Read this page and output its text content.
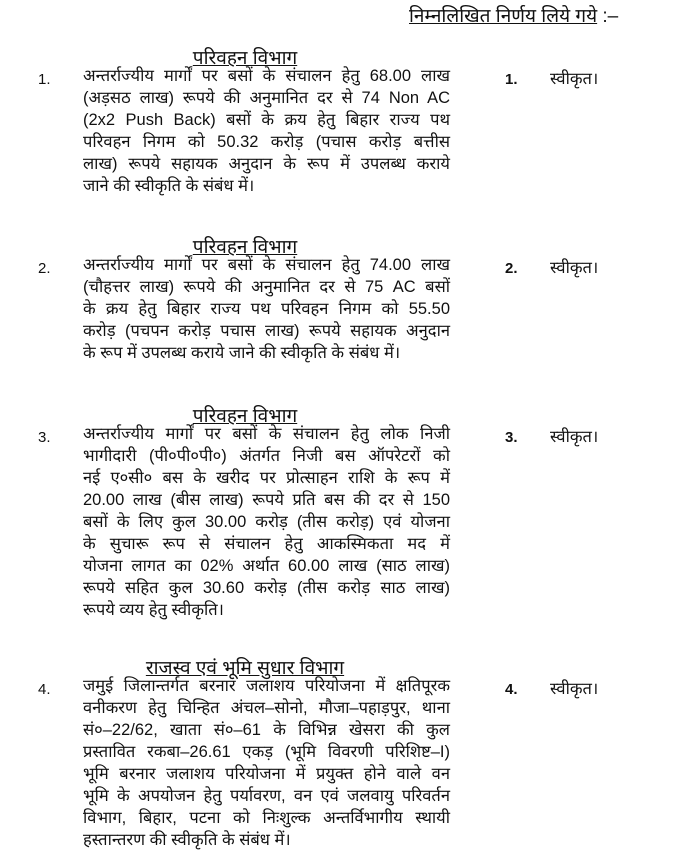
निम्नलिखित निर्णय लिये गये :–
परिवहन विभाग
1. अन्तर्राज्यीय मार्गों पर बसों के संचालन हेतु 68.00 लाख
(अड़सठ लाख) रूपये की अनुमानित दर से 74 Non AC
(2x2 Push Back) बसों के क्रय हेतु बिहार राज्य पथ
परिवहन निगम को 50.32 करोड़ (पचास करोड़ बत्तीस
लाख) रूपये सहायक अनुदान के रूप में उपलब्ध कराये
जाने की स्वीकृति के संबंध में।
1. स्वीकृत।
परिवहन विभाग
2. अन्तर्राज्यीय मार्गों पर बसों के संचालन हेतु 74.00 लाख
(चौहत्तर लाख) रूपये की अनुमानित दर से 75 AC बसों
के क्रय हेतु बिहार राज्य पथ परिवहन निगम को 55.50
करोड़ (पचपन करोड़ पचास लाख) रूपये सहायक अनुदान
के रूप में उपलब्ध कराये जाने की स्वीकृति के संबंध में।
2. स्वीकृत।
परिवहन विभाग
3. अन्तर्राज्यीय मार्गों पर बसों के संचालन हेतु लोक निजी
भागीदारी (पी०पी०पी०) अंतर्गत निजी बस ऑपरेटरों को
नई ए०सी० बस के खरीद पर प्रोत्साहन राशि के रूप में
20.00 लाख (बीस लाख) रूपये प्रति बस की दर से 150
बसों के लिए कुल 30.00 करोड़ (तीस करोड़) एवं योजना
के सुचारू रूप से संचालन हेतु आकस्मिकता मद में
योजना लागत का 02% अर्थात 60.00 लाख (साठ लाख)
रूपये सहित कुल 30.60 करोड़ (तीस करोड़ साठ लाख)
रूपये व्यय हेतु स्वीकृति।
3. स्वीकृत।
राजस्व एवं भूमि सुधार विभाग
4. जमुई जिलान्तर्गत बरनार जलाशय परियोजना में क्षतिपूरक
वनीकरण हेतु चिन्हित अंचल–सोनो, मौजा–पहाड़पुर, थाना
सं०–22/62, खाता सं०–61 के विभिन्न खेसरा की कुल
प्रस्तावित रकबा–26.61 एकड़ (भूमि विवरणी परिशिष्ट–I)
भूमि बरनार जलाशय परियोजना में प्रयुक्त होने वाले वन
भूमि के अपयोजन हेतु पर्यावरण, वन एवं जलवायु परिवर्तन
विभाग, बिहार, पटना को निःशुल्क अन्तर्विभागीय स्थायी
हस्तान्तरण की स्वीकृति के संबंध में।
4. स्वीकृत।
